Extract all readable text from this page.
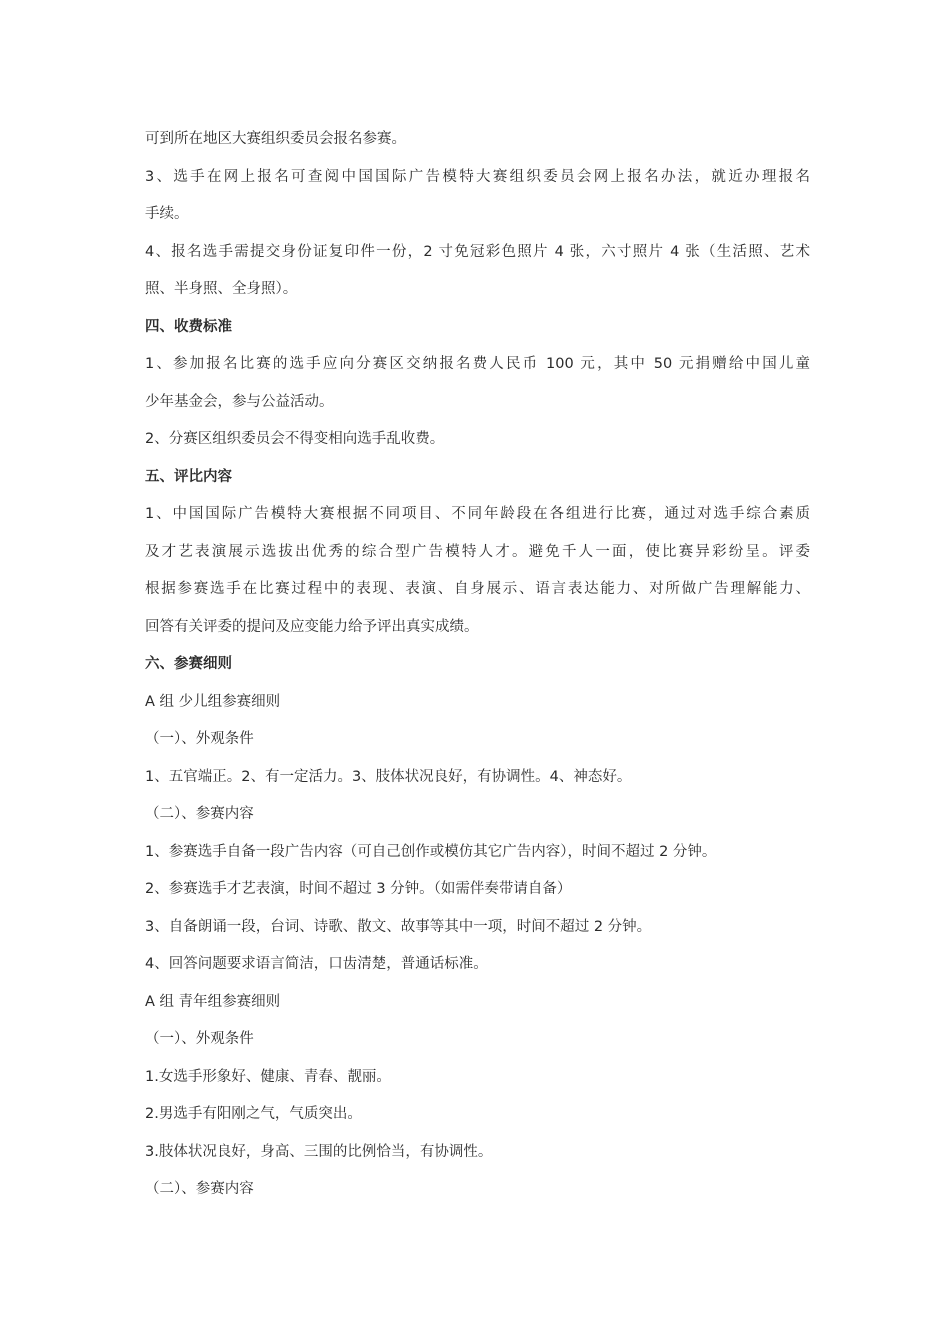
可到所在地区大赛组织委员会报名参赛。
3、选手在网上报名可查阅中国国际广告模特大赛组织委员会网上报名办法，就近办理报名
手续。
4、报名选手需提交身份证复印件一份，2 寸免冠彩色照片 4 张，六寸照片 4 张（生活照、艺术
照、半身照、全身照）。
四、收费标准
1、参加报名比赛的选手应向分赛区交纳报名费人民币 100 元，其中 50 元捐赠给中国儿童
少年基金会，参与公益活动。
2、分赛区组织委员会不得变相向选手乱收费。
五、评比内容
1、中国国际广告模特大赛根据不同项目、不同年龄段在各组进行比赛，通过对选手综合素质
及才艺表演展示选拔出优秀的综合型广告模特人才。避免千人一面，使比赛异彩纷呈。评委
根据参赛选手在比赛过程中的表现、表演、自身展示、语言表达能力、对所做广告理解能力、
回答有关评委的提问及应变能力给予评出真实成绩。
六、参赛细则
A 组 少儿组参赛细则
（一）、外观条件
1、五官端正。2、有一定活力。3、肢体状况良好，有协调性。4、神态好。
（二）、参赛内容
1、参赛选手自备一段广告内容（可自己创作或模仿其它广告内容），时间不超过 2 分钟。
2、参赛选手才艺表演，时间不超过 3 分钟。（如需伴奏带请自备）
3、自备朗诵一段，台词、诗歌、散文、故事等其中一项，时间不超过 2 分钟。
4、回答问题要求语言简洁，口齿清楚，普通话标准。
A 组 青年组参赛细则
（一）、外观条件
1.女选手形象好、健康、青春、靓丽。
2.男选手有阳刚之气，气质突出。
3.肢体状况良好，身高、三围的比例恰当，有协调性。
（二）、参赛内容
